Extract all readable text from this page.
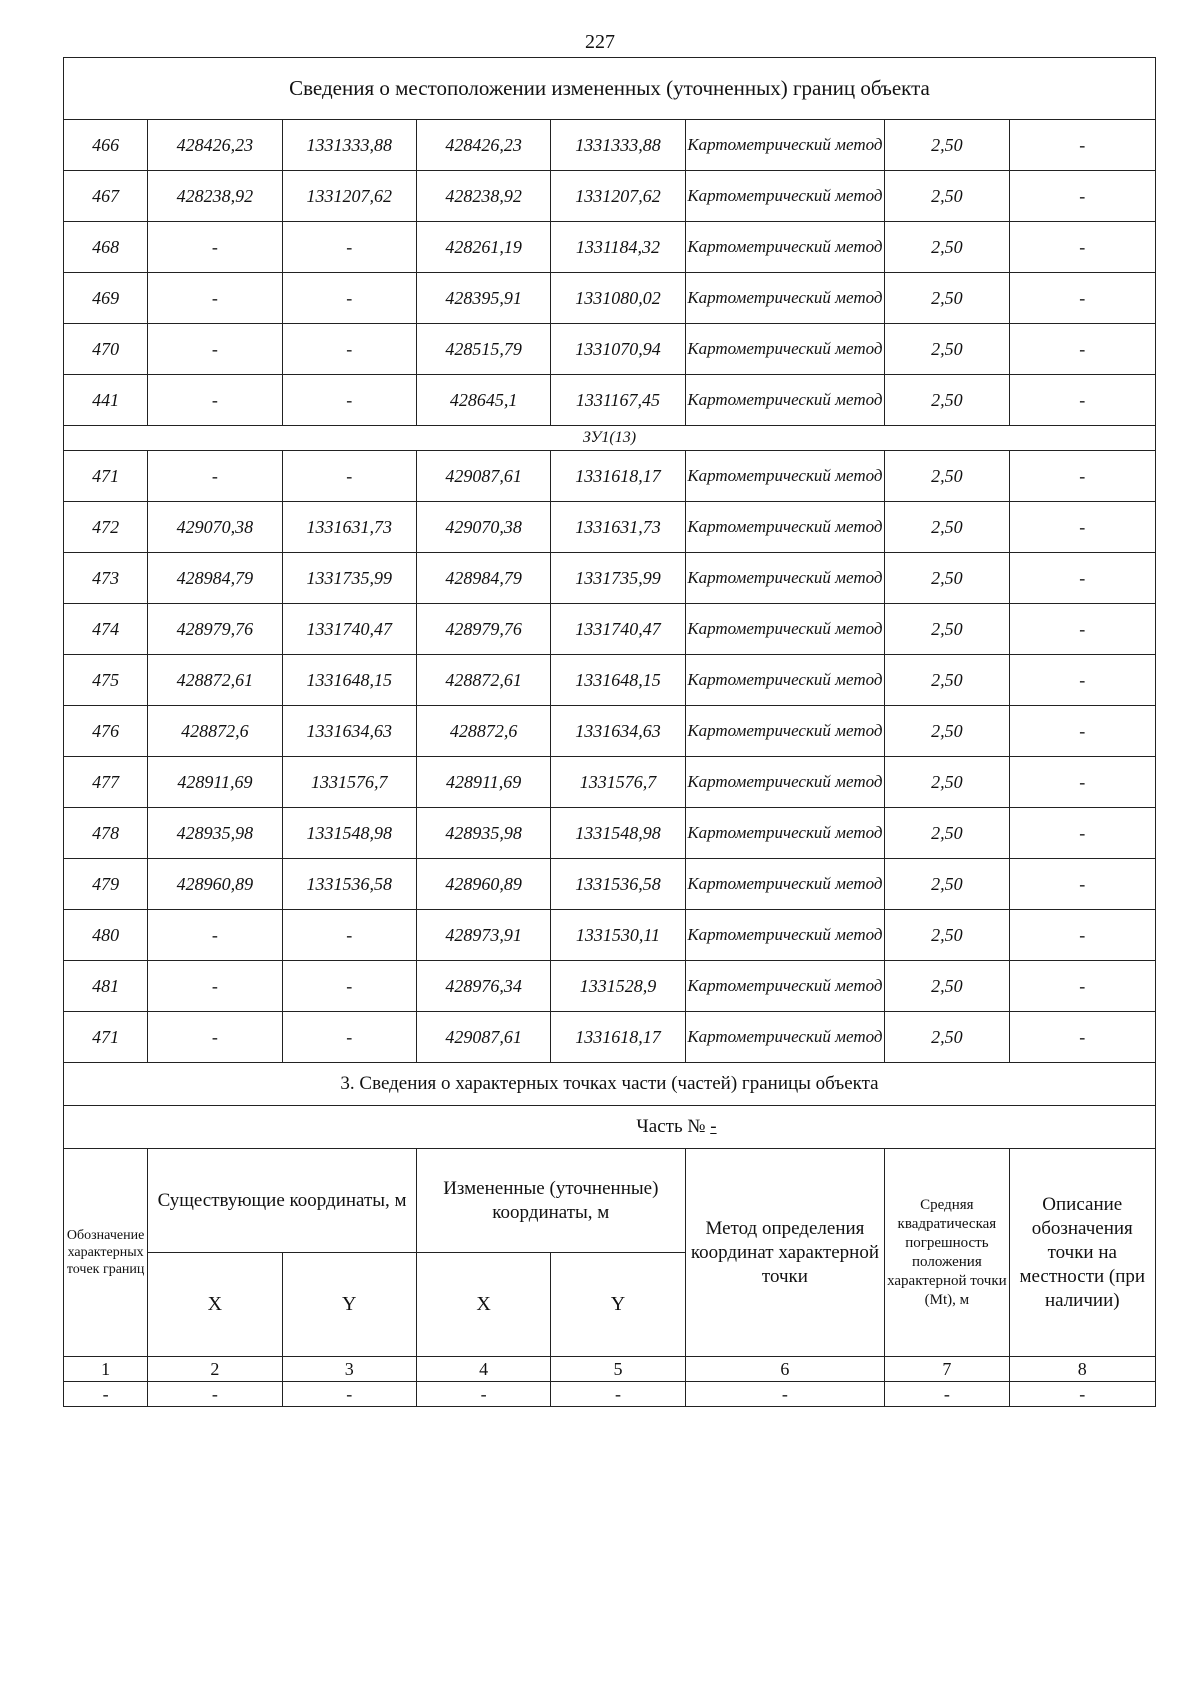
227
Сведения о местоположении измененных (уточненных) границ объекта							
466	428426,23	1331333,88	428426,23	1331333,88	Картометрический метод	2,50	-
467	428238,92	1331207,62	428238,92	1331207,62	Картометрический метод	2,50	-
468	-	-	428261,19	1331184,32	Картометрический метод	2,50	-
469	-	-	428395,91	1331080,02	Картометрический метод	2,50	-
470	-	-	428515,79	1331070,94	Картометрический метод	2,50	-
441	-	-	428645,1	1331167,45	Картометрический метод	2,50	-
ЗУ1(13)							
471	-	-	429087,61	1331618,17	Картометрический метод	2,50	-
472	429070,38	1331631,73	429070,38	1331631,73	Картометрический метод	2,50	-
473	428984,79	1331735,99	428984,79	1331735,99	Картометрический метод	2,50	-
474	428979,76	1331740,47	428979,76	1331740,47	Картометрический метод	2,50	-
475	428872,61	1331648,15	428872,61	1331648,15	Картометрический метод	2,50	-
476	428872,6	1331634,63	428872,6	1331634,63	Картометрический метод	2,50	-
477	428911,69	1331576,7	428911,69	1331576,7	Картометрический метод	2,50	-
478	428935,98	1331548,98	428935,98	1331548,98	Картометрический метод	2,50	-
479	428960,89	1331536,58	428960,89	1331536,58	Картометрический метод	2,50	-
480	-	-	428973,91	1331530,11	Картометрический метод	2,50	-
481	-	-	428976,34	1331528,9	Картометрический метод	2,50	-
471	-	-	429087,61	1331618,17	Картометрический метод	2,50	-
3. Сведения о характерных точках части (частей) границы объекта							
Часть № -							
Обозначение характерных точек границ	Существующие координаты, м		Измененные (уточненные) координаты, м		Метод определения координат характерной точки	Средняя квадратическая погрешность положения характерной точки (Mt), м	Описание обозначения точки на местности (при наличии)
	X	Y	X	Y			
1	2	3	4	5	6	7	8
-	-	-	-	-	-	-	-
